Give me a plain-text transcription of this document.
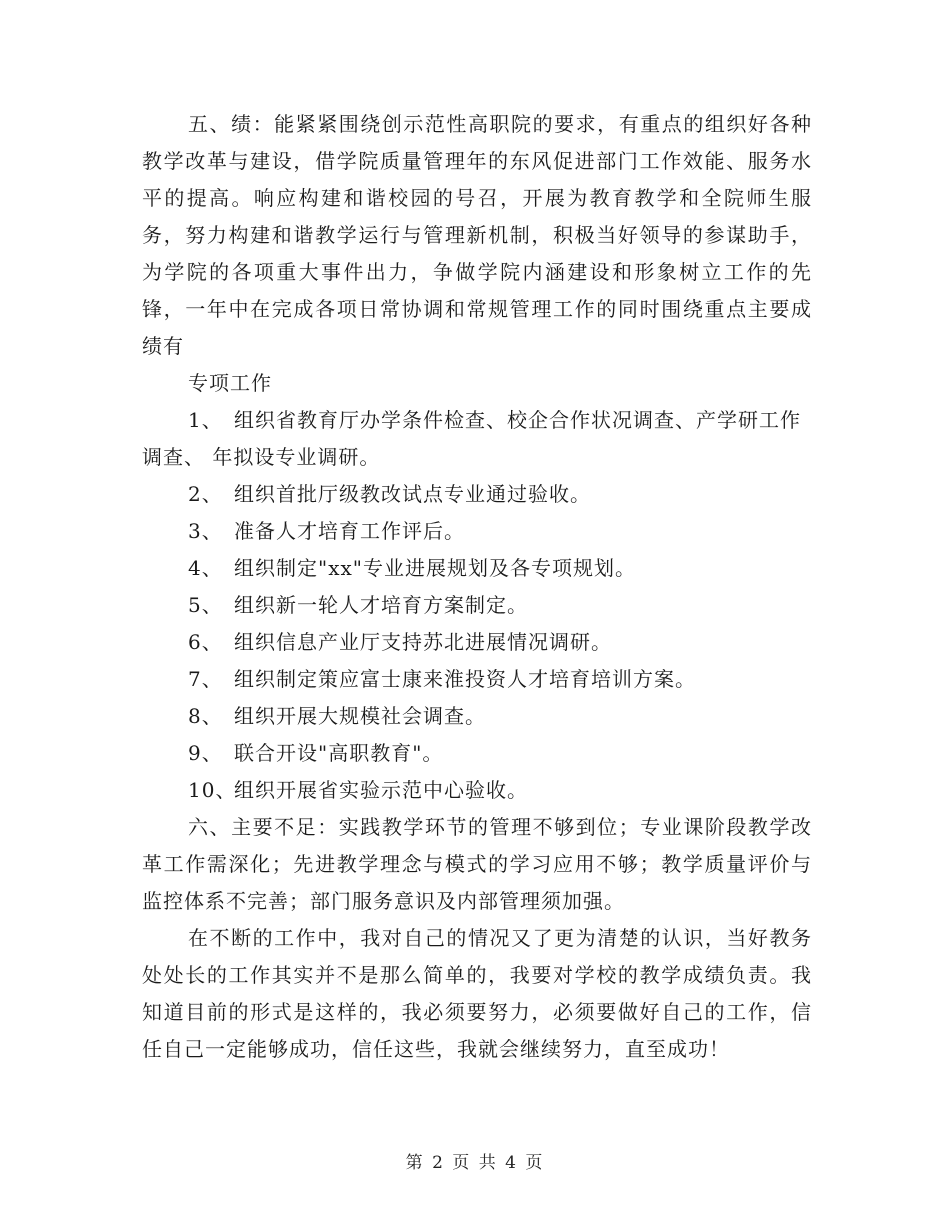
五、绩：能紧紧围绕创示范性高职院的要求，有重点的组织好各种教学改革与建设，借学院质量管理年的东风促进部门工作效能、服务水平的提高。响应构建和谐校园的号召，开展为教育教学和全院师生服务，努力构建和谐教学运行与管理新机制，积极当好领导的参谋助手，为学院的各项重大事件出力，争做学院内涵建设和形象树立工作的先锋，一年中在完成各项日常协调和常规管理工作的同时围绕重点主要成绩有

专项工作

1、 组织省教育厅办学条件检查、校企合作状况调查、产学研工作调查、 年拟设专业调研。
2、 组织首批厅级教改试点专业通过验收。
3、 准备人才培育工作评后。
4、 组织制定"xx"专业进展规划及各专项规划。
5、 组织新一轮人才培育方案制定。
6、 组织信息产业厅支持苏北进展情况调研。
7、 组织制定策应富士康来淮投资人才培育培训方案。
8、 组织开展大规模社会调查。
9、 联合开设"高职教育"。
10、
组织开展省实验示范中心验收。

六、主要不足：实践教学环节的管理不够到位；专业课阶段教学改革工作需深化；先进教学理念与模式的学习应用不够；教学质量评价与监控体系不完善；部门服务意识及内部管理须加强。

在不断的工作中，我对自己的情况又了更为清楚的认识，当好教务处处长的工作其实并不是那么简单的，我要对学校的教学成绩负责。我知道目前的形式是这样的，我必须要努力，必须要做好自己的工作，信任自己一定能够成功，信任这些，我就会继续努力，直至成功！

第 2 页 共 4 页
